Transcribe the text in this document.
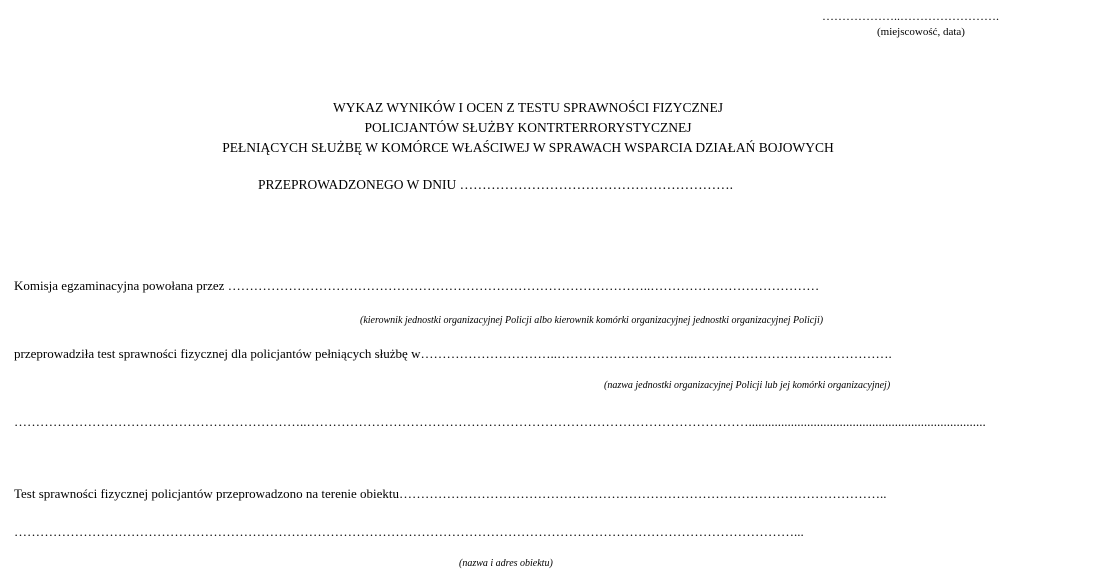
………………..…………………….
(miejscowość, data)
WYKAZ WYNIKÓW I OCEN Z TESTU SPRAWNOŚCI FIZYCZNEJ
POLICJANTÓW SŁUŻBY KONTRTERRORYSTYCZNEJ
PEŁNIĄCYCH SŁUŻBĘ W KOMÓRCE WŁAŚCIWEJ W SPRAWACH WSPARCIA DZIAŁAŃ BOJOWYCH
PRZEPROWADZONEGO W DNIU …………………………………………………….
Komisja egzaminacyjna powołana przez ……………………………………………………………………………………..…………………………………
(kierownik jednostki organizacyjnej Policji albo kierownik komórki organizacyjnej jednostki organizacyjnej Policji)
przeprowadziła test sprawności fizycznej dla policjantów pełniących służbę w…………………………..…………………………..……………………………………….
(nazwa jednostki organizacyjnej Policji lub jej komórki organizacyjnej)
…………………………………………………………..………………………………………………………………………………………….........................................................................
Test sprawności fizycznej policjantów przeprowadzono na terenie obiektu…………………………………………………………………………………………………..
………………………………………………………………………………………………………………………………………………………………...
(nazwa i adres obiektu)
